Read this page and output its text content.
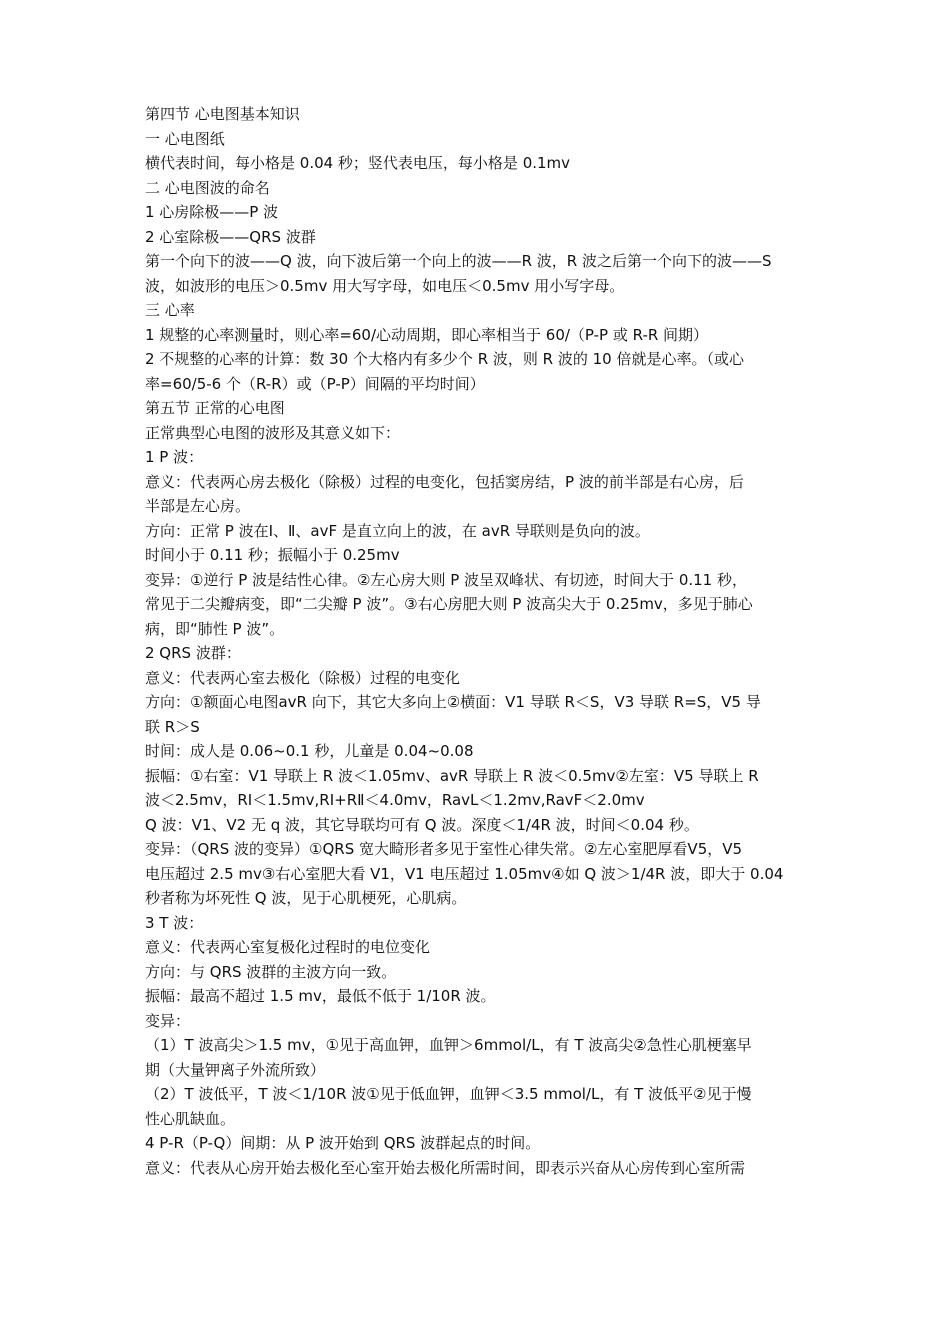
第四节 心电图基本知识
一 心电图纸
横代表时间，每小格是 0.04 秒；竖代表电压，每小格是 0.1mv
二 心电图波的命名
1 心房除极——P 波
2 心室除极——QRS 波群
第一个向下的波——Q 波，向下波后第一个向上的波——R 波，R 波之后第一个向下的波——S
波，如波形的电压＞0.5mv 用大写字母，如电压＜0.5mv 用小写字母。
三 心率
1 规整的心率测量时，则心率=60/心动周期，即心率相当于 60/（P-P 或 R-R 间期）
2 不规整的心率的计算：数 30 个大格内有多少个 R 波，则 R 波的 10 倍就是心率。（或心
率=60/5-6 个（R-R）或（P-P）间隔的平均时间）
第五节 正常的心电图
正常典型心电图的波形及其意义如下：
1 P 波：
意义：代表两心房去极化（除极）过程的电变化，包括窦房结，P 波的前半部是右心房，后
半部是左心房。
方向：正常 P 波在Ⅰ、Ⅱ、avF 是直立向上的波，在 avR 导联则是负向的波。
时间小于 0.11 秒；振幅小于 0.25mv
变异：①逆行 P 波是结性心律。②左心房大则 P 波呈双峰状、有切迹，时间大于 0.11 秒，
常见于二尖瓣病变，即“二尖瓣 P 波”。③右心房肥大则 P 波高尖大于 0.25mv，多见于肺心
病，即“肺性 P 波”。
2 QRS 波群：
意义：代表两心室去极化（除极）过程的电变化
方向：①额面心电图avR 向下，其它大多向上②横面：V1 导联 R＜S，V3 导联 R=S，V5 导
联 R＞S
时间：成人是 0.06~0.1 秒，儿童是 0.04~0.08
振幅：①右室：V1 导联上 R 波＜1.05mv、avR 导联上 R 波＜0.5mv②左室：V5 导联上 R
波＜2.5mv，RⅠ＜1.5mv,RⅠ+RⅡ＜4.0mv，RavL＜1.2mv,RavF＜2.0mv
Q 波：V1、V2 无 q 波，其它导联均可有 Q 波。深度＜1/4R 波，时间＜0.04 秒。
变异：（QRS 波的变异）①QRS 宽大畸形者多见于室性心律失常。②左心室肥厚看V5，V5
电压超过 2.5 mv③右心室肥大看 V1，V1 电压超过 1.05mv④如 Q 波＞1/4R 波，即大于 0.04
秒者称为坏死性 Q 波，见于心肌梗死，心肌病。
3 T 波：
意义：代表两心室复极化过程时的电位变化
方向：与 QRS 波群的主波方向一致。
振幅：最高不超过 1.5 mv，最低不低于 1/10R 波。
变异：
（1）T 波高尖＞1.5 mv，①见于高血钾，血钾＞6mmol/L，有 T 波高尖②急性心肌梗塞早
期（大量钾离子外流所致）
（2）T 波低平，T 波＜1/10R 波①见于低血钾，血钾＜3.5 mmol/L，有 T 波低平②见于慢
性心肌缺血。
4 P-R（P-Q）间期：从 P 波开始到 QRS 波群起点的时间。
意义：代表从心房开始去极化至心室开始去极化所需时间，即表示兴奋从心房传到心室所需
